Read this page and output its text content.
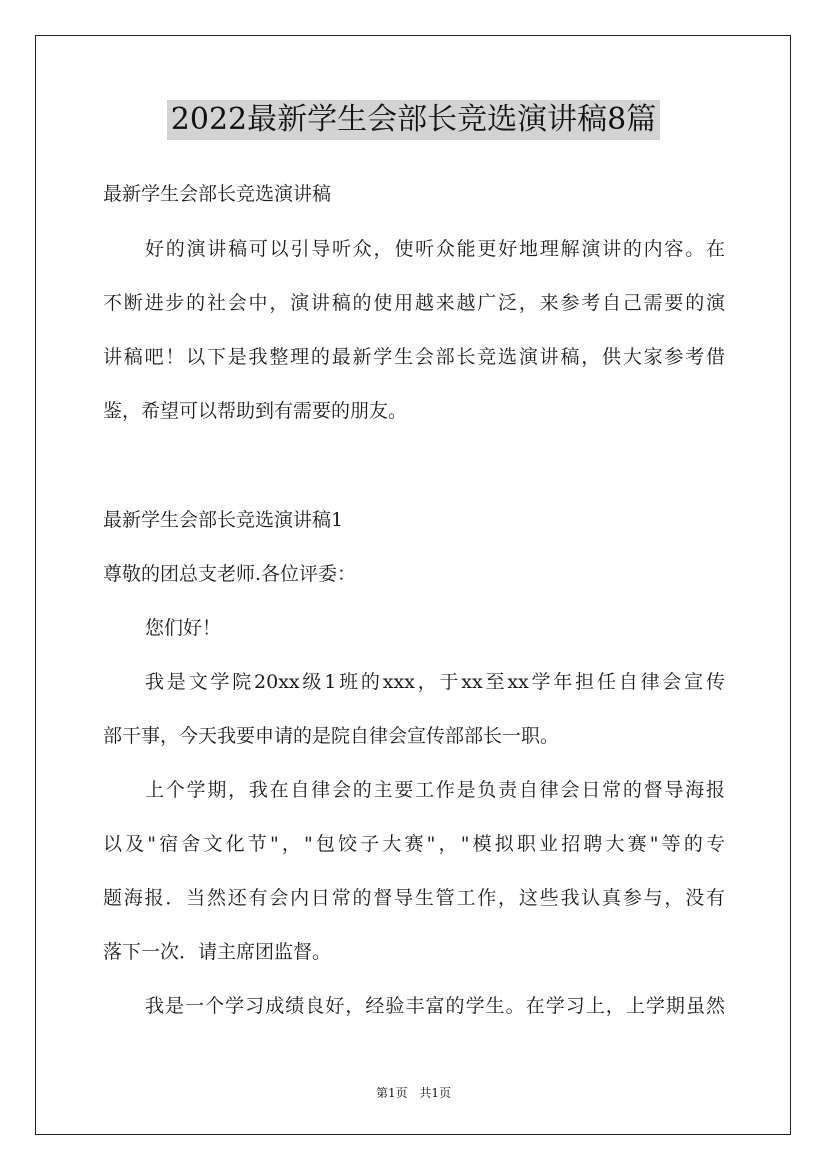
2022最新学生会部长竞选演讲稿8篇
最新学生会部长竞选演讲稿
好的演讲稿可以引导听众，使听众能更好地理解演讲的内容。在
不断进步的社会中，演讲稿的使用越来越广泛，来参考自己需要的演
讲稿吧！以下是我整理的最新学生会部长竞选演讲稿，供大家参考借
鉴，希望可以帮助到有需要的朋友。
最新学生会部长竞选演讲稿1
尊敬的团总支老师.各位评委：
您们好！
我是文学院20xx级1班的xxx，于xx至xx学年担任自律会宣传
部干事，今天我要申请的是院自律会宣传部部长一职。
上个学期，我在自律会的主要工作是负责自律会日常的督导海报
以及"宿舍文化节"，"包饺子大赛"，"模拟职业招聘大赛"等的专
题海报．当然还有会内日常的督导生管工作，这些我认真参与，没有
落下一次．请主席团监督。
我是一个学习成绩良好，经验丰富的学生。在学习上，上学期虽然
第1页 共1页
